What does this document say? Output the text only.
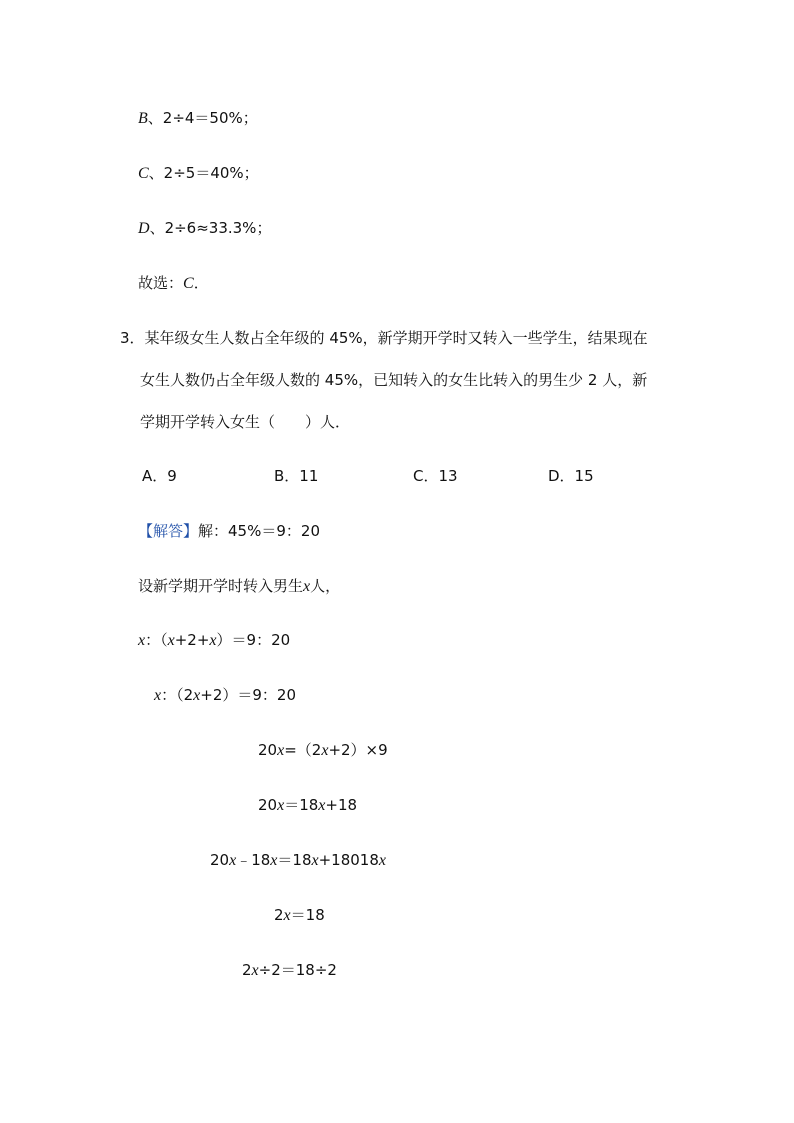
B、2÷4＝50%；
C、2÷5＝40%；
D、2÷6≈33.3%；
故选：C．
3．某年级女生人数占全年级的 45%，新学期开学时又转入一些学生，结果现在
女生人数仍占全年级人数的 45%，已知转入的女生比转入的男生少 2 人，新
学期开学转入女生（　　）人．
A．9	B．11	C．13	D．15
【解答】解：45%＝9：20
设新学期开学时转入男生x人，
x：（x+2+x）＝9：20
x：（2x+2）＝9：20
20x=（2x+2）×9
20x＝18x+18
20x﹣18x＝18x+18018x
2x＝18
2x÷2＝18÷2
